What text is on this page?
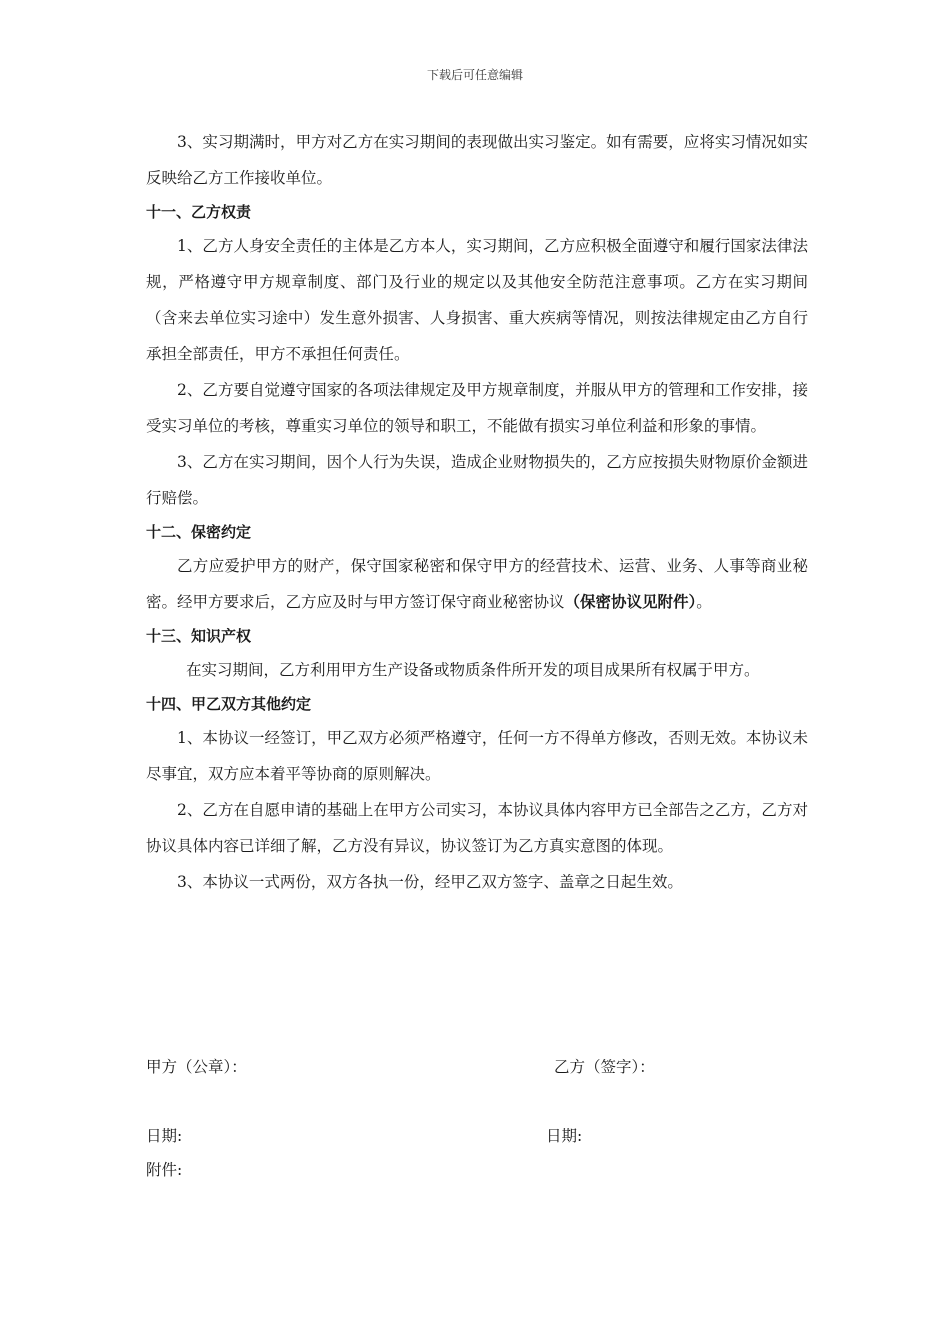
下载后可任意编辑

3、实习期满时，甲方对乙方在实习期间的表现做出实习鉴定。如有需要，应将实习情况如实反映给乙方工作接收单位。

十一、乙方权责

1、乙方人身安全责任的主体是乙方本人，实习期间，乙方应积极全面遵守和履行国家法律法规，严格遵守甲方规章制度、部门及行业的规定以及其他安全防范注意事项。乙方在实习期间（含来去单位实习途中）发生意外损害、人身损害、重大疾病等情况，则按法律规定由乙方自行承担全部责任，甲方不承担任何责任。

2、乙方要自觉遵守国家的各项法律规定及甲方规章制度，并服从甲方的管理和工作安排，接受实习单位的考核，尊重实习单位的领导和职工，不能做有损实习单位利益和形象的事情。

3、乙方在实习期间，因个人行为失误，造成企业财物损失的，乙方应按损失财物原价金额进行赔偿。

十二、保密约定

乙方应爱护甲方的财产，保守国家秘密和保守甲方的经营技术、运营、业务、人事等商业秘密。经甲方要求后，乙方应及时与甲方签订保守商业秘密协议（保密协议见附件）。

十三、知识产权

在实习期间，乙方利用甲方生产设备或物质条件所开发的项目成果所有权属于甲方。

十四、甲乙双方其他约定

1、本协议一经签订，甲乙双方必须严格遵守，任何一方不得单方修改，否则无效。本协议未尽事宜，双方应本着平等协商的原则解决。

2、乙方在自愿申请的基础上在甲方公司实习，本协议具体内容甲方已全部告之乙方，乙方对协议具体内容已详细了解，乙方没有异议，协议签订为乙方真实意图的体现。

3、本协议一式两份，双方各执一份，经甲乙双方签字、盖章之日起生效。

甲方（公章）：	乙方（签字）：
日期:	日期:
附件:
